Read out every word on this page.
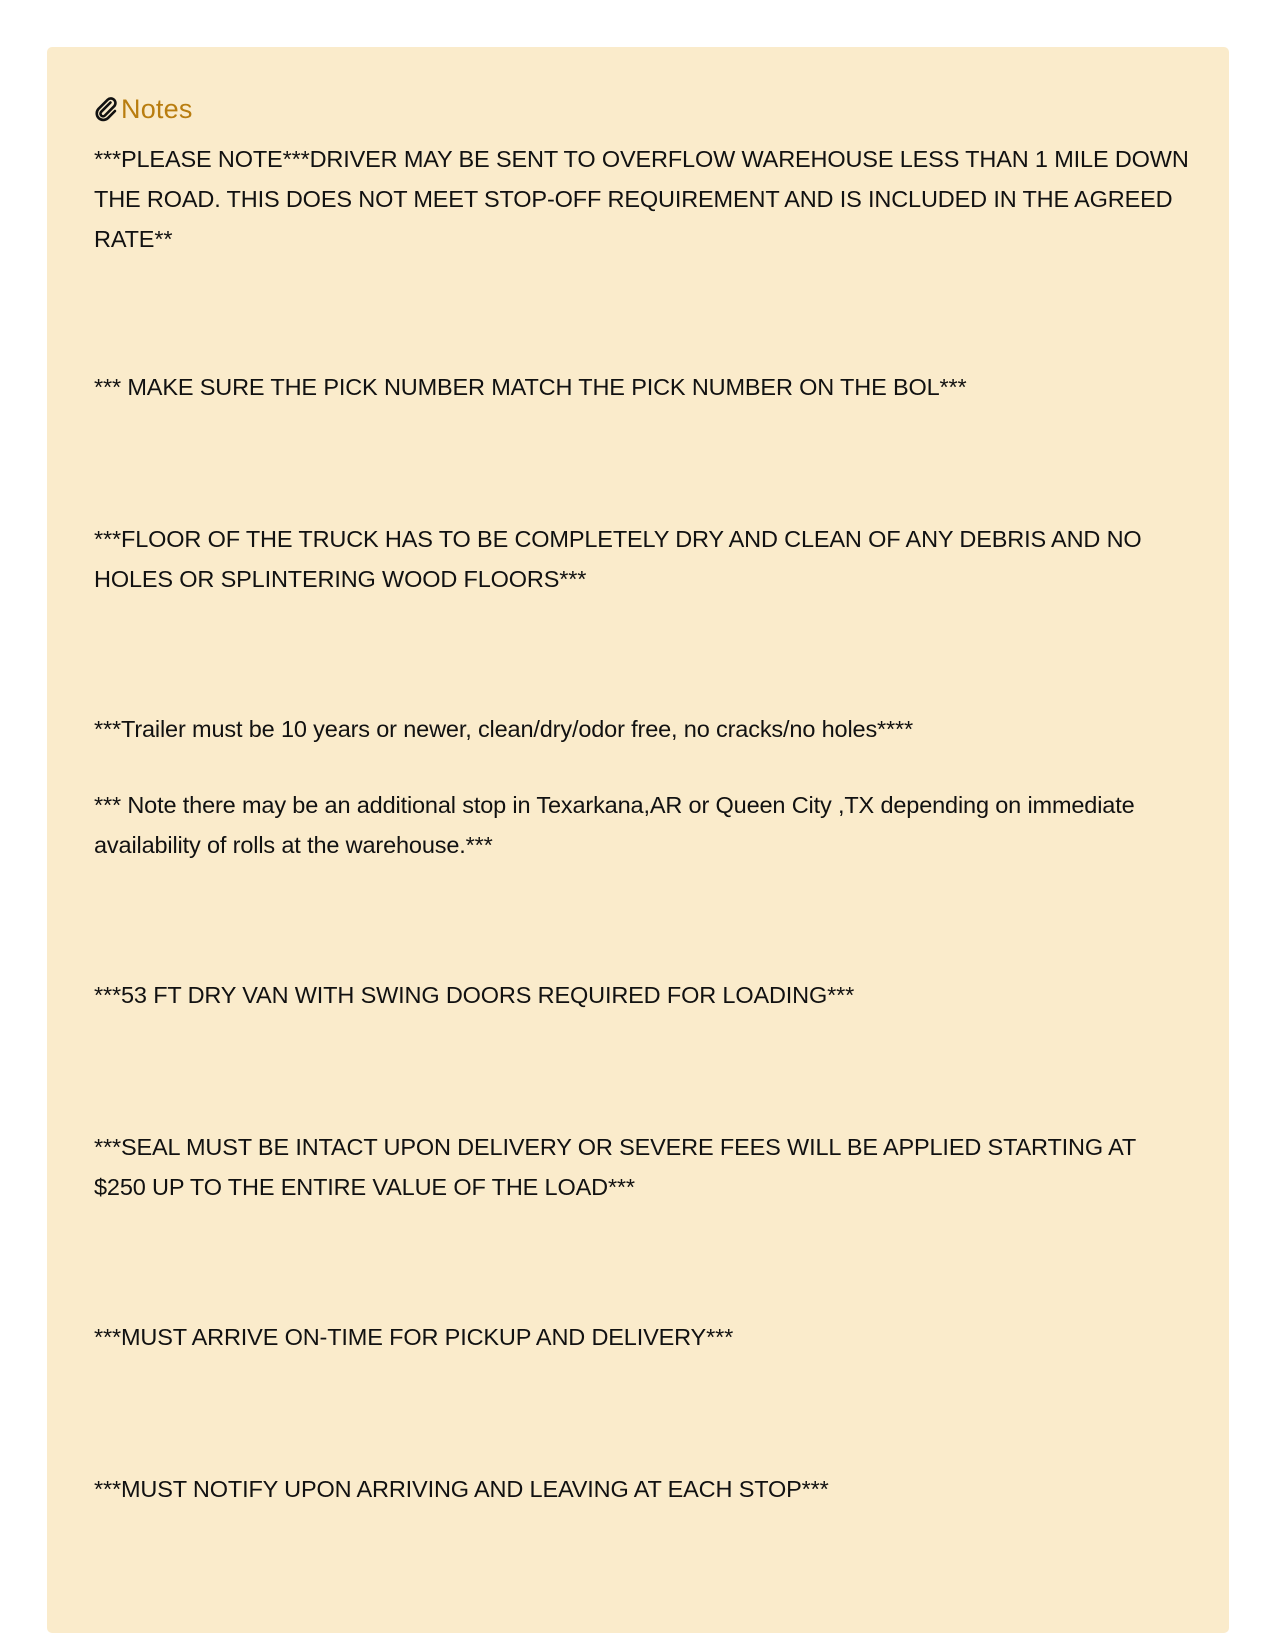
Notes

***PLEASE NOTE***DRIVER MAY BE SENT TO OVERFLOW WAREHOUSE LESS THAN 1 MILE DOWN THE ROAD. THIS DOES NOT MEET STOP-OFF REQUIREMENT AND IS INCLUDED IN THE AGREED RATE**

*** MAKE SURE THE PICK NUMBER MATCH THE PICK NUMBER ON THE BOL***

***FLOOR OF THE TRUCK HAS TO BE COMPLETELY DRY AND CLEAN OF ANY DEBRIS AND NO HOLES OR SPLINTERING WOOD FLOORS***

***Trailer must be 10 years or newer, clean/dry/odor free, no cracks/no holes****

*** Note there may be an additional stop in Texarkana,AR or Queen City ,TX depending on immediate availability of rolls at the warehouse.***

***53 FT DRY VAN WITH SWING DOORS REQUIRED FOR LOADING***

***SEAL MUST BE INTACT UPON DELIVERY OR SEVERE FEES WILL BE APPLIED STARTING AT $250 UP TO THE ENTIRE VALUE OF THE LOAD***

***MUST ARRIVE ON-TIME FOR PICKUP AND DELIVERY***

***MUST NOTIFY UPON ARRIVING AND LEAVING AT EACH STOP***
